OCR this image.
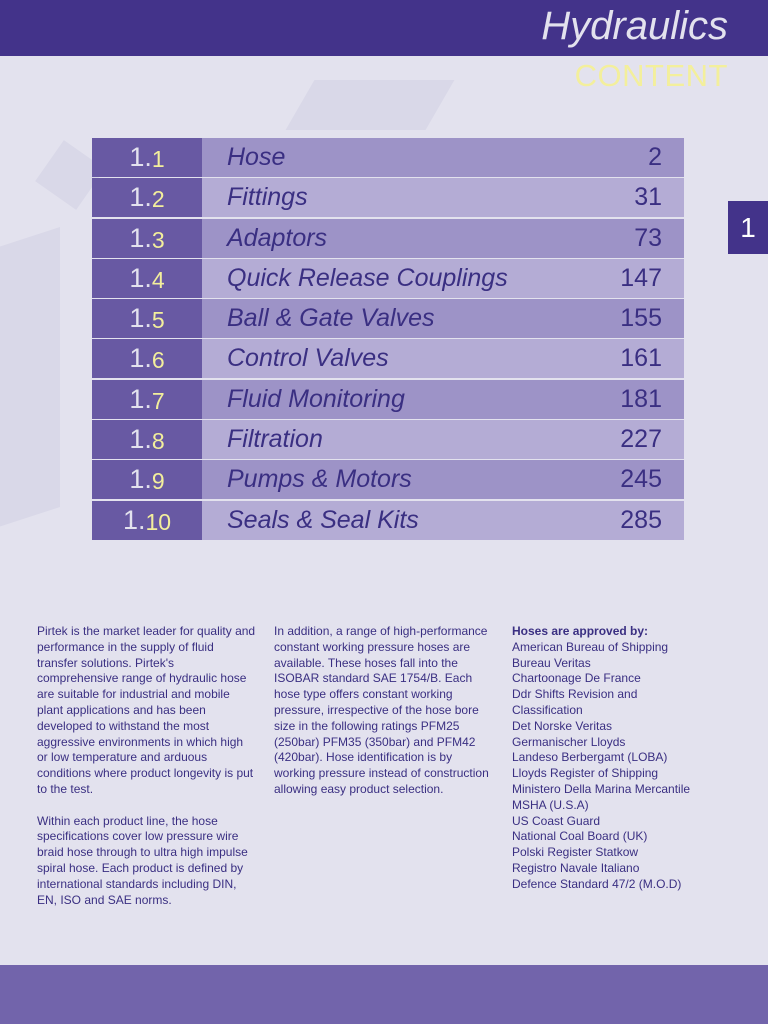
Hydraulics
CONTENT
1
1. 1 Hose	2
1. 2 Fittings	31
1. 3 Adaptors	73
1. 4 Quick Release Couplings	147
1. 5 Ball & Gate Valves	155
1. 6 Control Valves	161
1. 7 Fluid Monitoring	181
1. 8 Filtration	227
1. 9 Pumps & Motors	245
1. 10 Seals & Seal Kits	285

Pirtek is the market leader for quality and performance in the supply of fluid transfer solutions. Pirtek's comprehensive range of hydraulic hose are suitable for industrial and mobile plant applications and has been developed to withstand the most aggressive environments in which high or low temperature and arduous conditions where product longevity is put to the test.

Within each product line, the hose specifications cover low pressure wire braid hose through to ultra high impulse spiral hose. Each product is defined by international standards including DIN, EN, ISO and SAE norms.

In addition, a range of high-performance constant working pressure hoses are available. These hoses fall into the ISOBAR standard SAE 1754/B. Each hose type offers constant working pressure, irrespective of the hose bore size in the following ratings PFM25 (250bar) PFM35 (350bar) and PFM42 (420bar). Hose identification is by working pressure instead of construction allowing easy product selection.

Hoses are approved by:
American Bureau of Shipping
Bureau Veritas
Chartoonage De France
Ddr Shifts Revision and Classification
Det Norske Veritas
Germanischer Lloyds
Landeso Berbergamt (LOBA)
Lloyds Register of Shipping
Ministero Della Marina Mercantile
MSHA (U.S.A)
US Coast Guard
National Coal Board (UK)
Polski Register Statkow
Registro Navale Italiano
Defence Standard 47/2 (M.O.D)
